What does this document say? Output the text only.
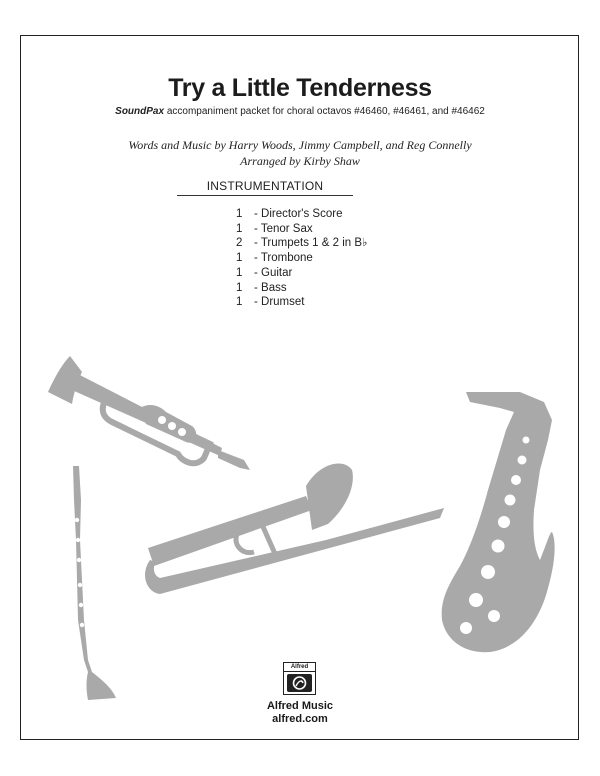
Try a Little Tenderness
SoundPax accompaniment packet for choral octavos #46460, #46461, and #46462
Words and Music by Harry Woods, Jimmy Campbell, and Reg Connelly
Arranged by Kirby Shaw
INSTRUMENTATION
1 - Director's Score
1 - Tenor Sax
2 - Trumpets 1 & 2 in B♭
1 - Trombone
1 - Guitar
1 - Bass
1 - Drumset
Alfred
Alfred Music
alfred.com
